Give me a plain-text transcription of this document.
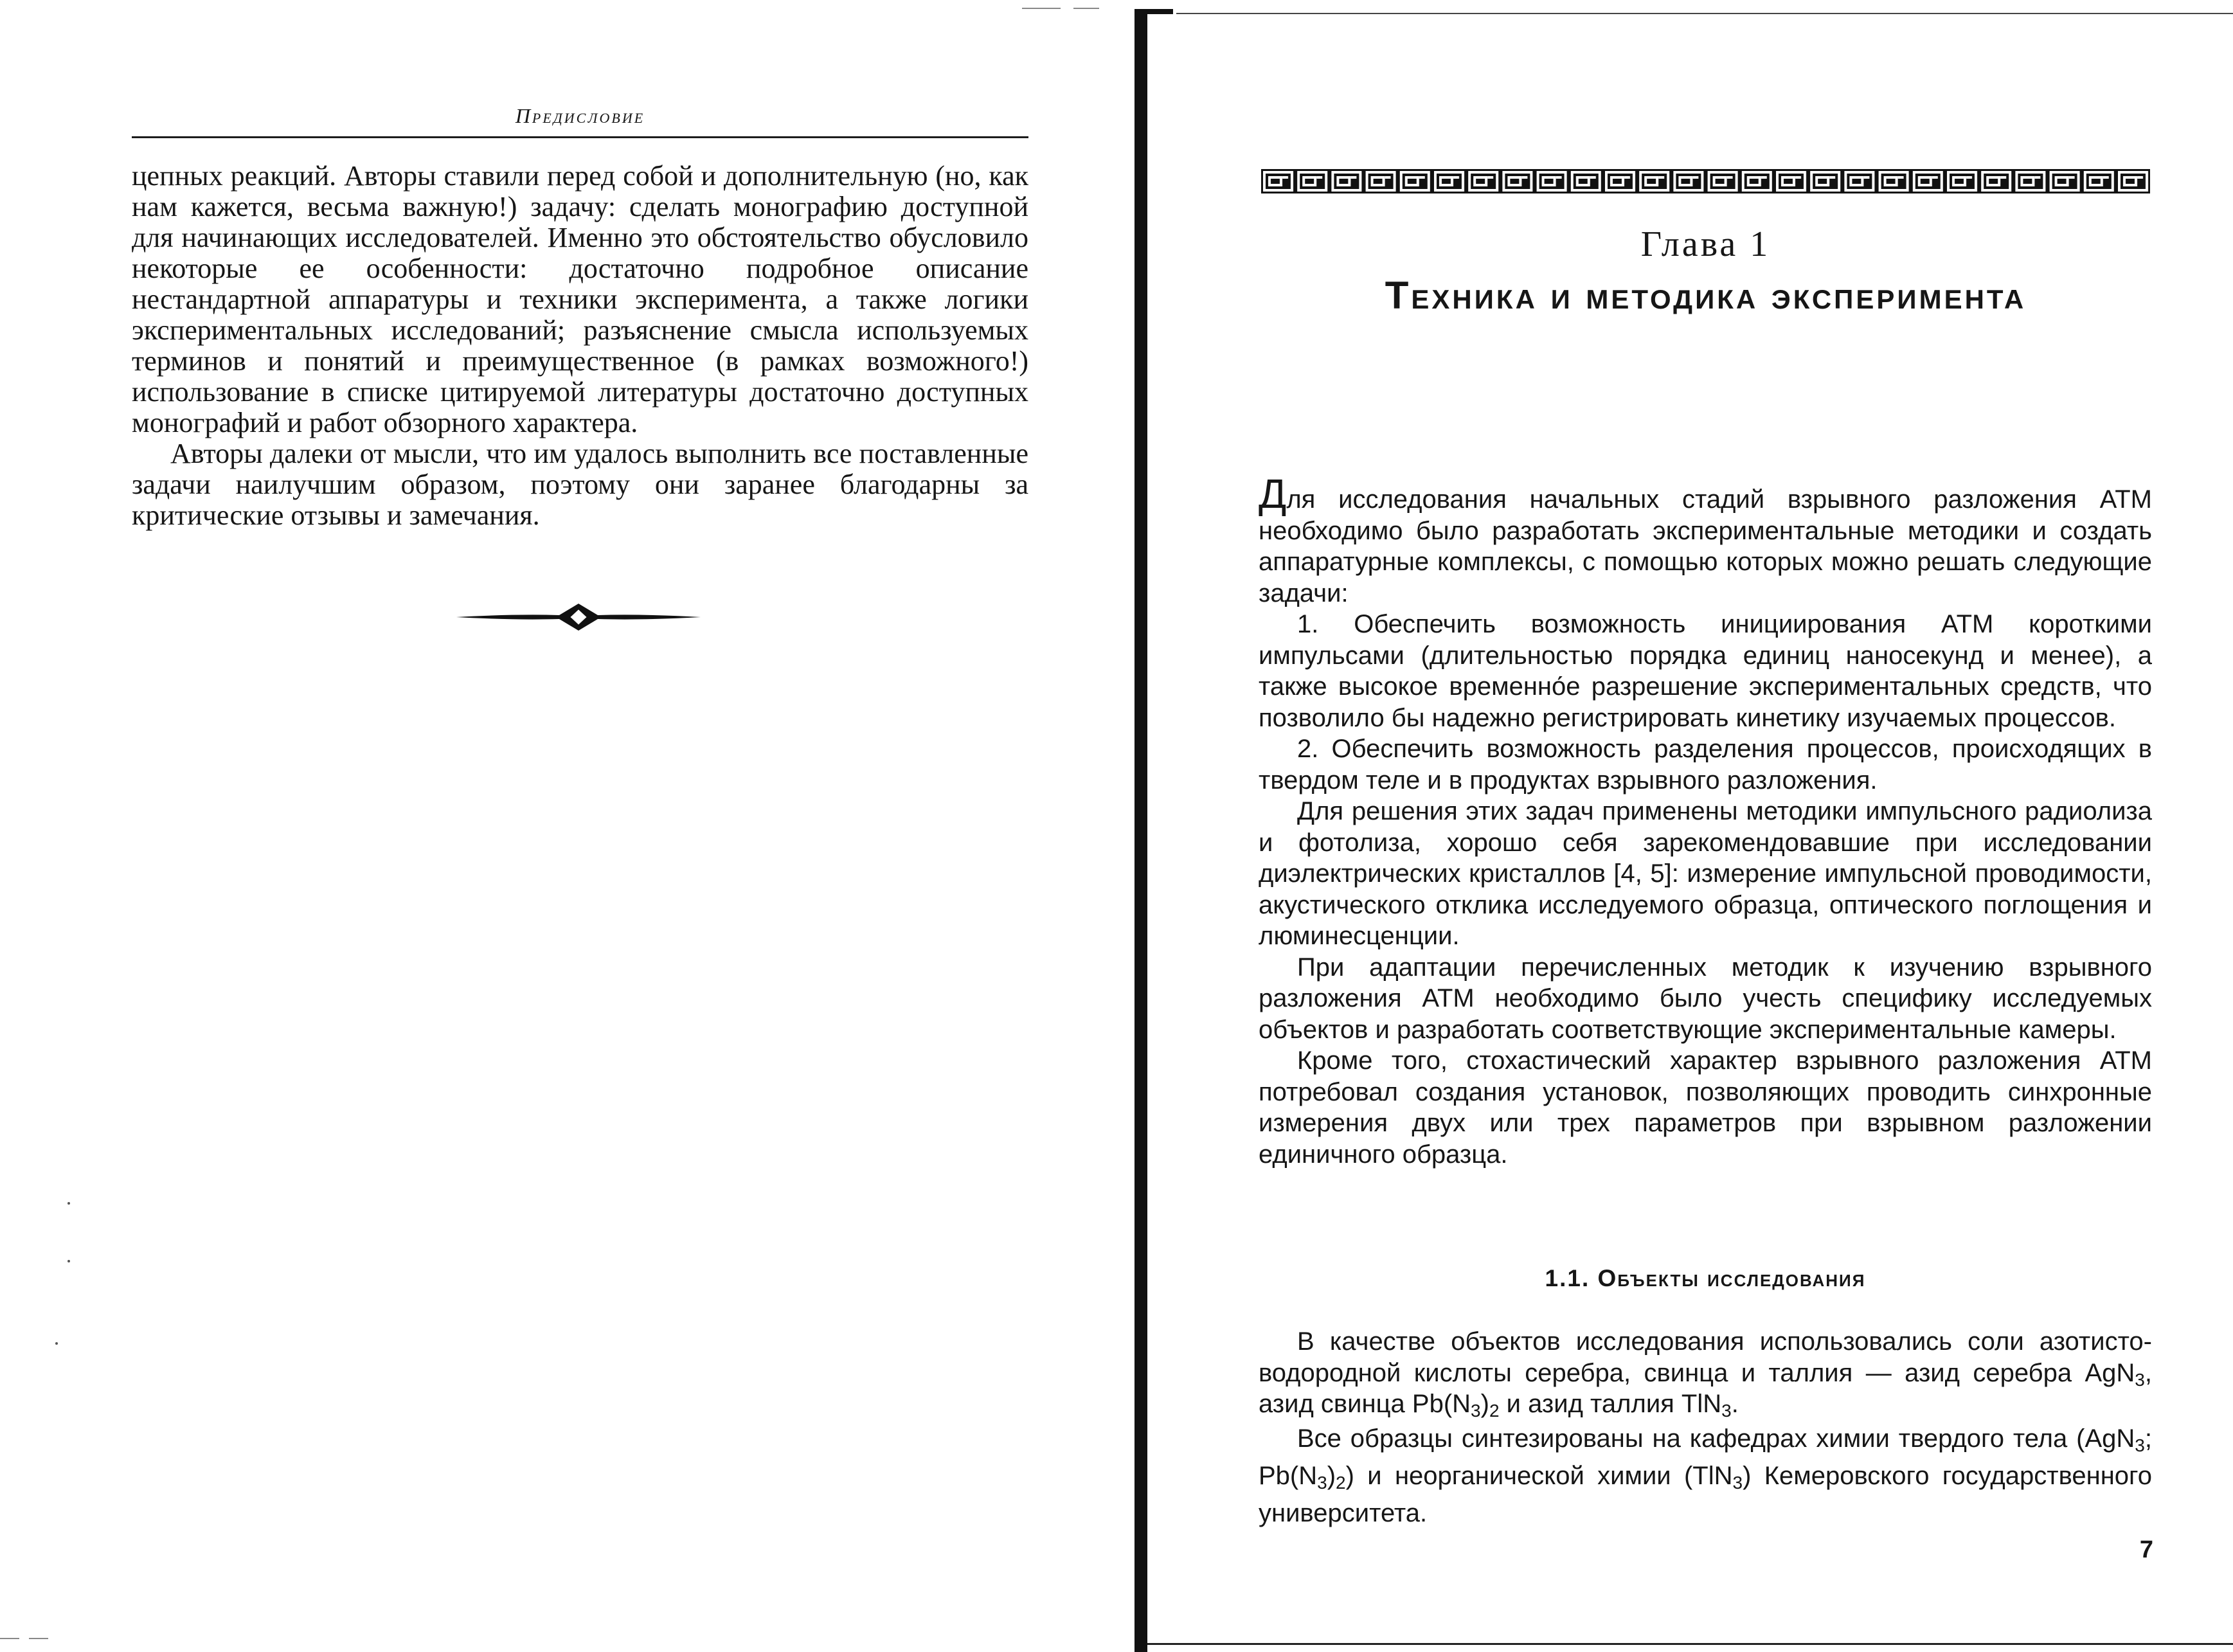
Предисловие

цепных реакций. Авторы ставили перед собой и дополнительную (но, как нам кажется, весьма важную!) задачу: сделать монографию доступной для начинающих исследователей. Именно это обстоятельство обусловило некоторые ее особенности: достаточно подробное описание нестандартной аппаратуры и техники эксперимента, а также логики экспериментальных исследований; разъяснение смысла используемых терминов и понятий и преимущественное (в рамках возможного!) использование в списке цитируемой литературы достаточно доступных монографий и работ обзорного характера.

Авторы далеки от мысли, что им удалось выполнить все поставленные задачи наилучшим образом, поэтому они заранее благодарны за критические отзывы и замечания.

Глава 1
Техника и методика эксперимента

Для исследования начальных стадий взрывного разложения АТМ необходимо было разработать экспериментальные методики и создать аппаратурные комплексы, с помощью которых можно решать следующие задачи:

1. Обеспечить возможность инициирования АТМ короткими импульсами (длительностью порядка единиц наносекунд и менее), а также высокое временно́е разрешение экспериментальных средств, что позволило бы надежно регистрировать кинетику изучаемых процессов.

2. Обеспечить возможность разделения процессов, происходящих в твердом теле и в продуктах взрывного разложения.

Для решения этих задач применены методики импульсного радиолиза и фотолиза, хорошо себя зарекомендовавшие при исследовании диэлектрических кристаллов [4, 5]: измерение импульсной проводимости, акустического отклика исследуемого образца, оптического поглощения и люминесценции.

При адаптации перечисленных методик к изучению взрывного разложения АТМ необходимо было учесть специфику исследуемых объектов и разработать соответствующие экспериментальные камеры.

Кроме того, стохастический характер взрывного разложения АТМ потребовал создания установок, позволяющих проводить синхронные измерения двух или трех параметров при взрывном разложении единичного образца.

1.1. Объекты исследования

В качестве объектов исследования использовались соли азотисто-водородной кислоты серебра, свинца и таллия — азид серебра AgN$_3$, азид свинца $Pb(N_3)_2$ и азид таллия TlN$_3$.

Все образцы синтезированы на кафедрах химии твердого тела (AgN$_3$; $Pb(N_3)_2$) и неорганической химии (TlN$_3$) Кемеровского государственного университета.

7
